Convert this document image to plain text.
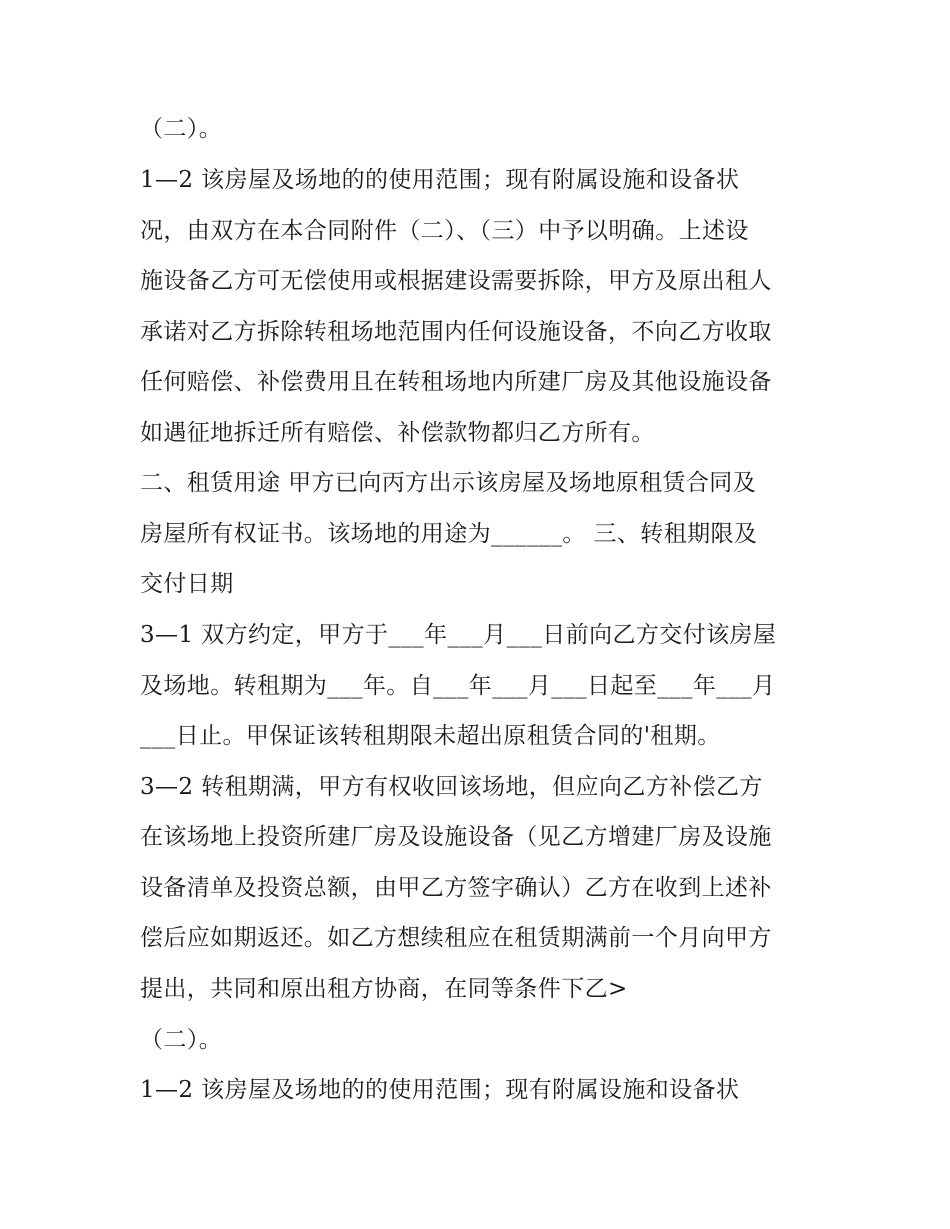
（二）。
1—2 该房屋及场地的的使用范围；现有附属设施和设备状
况，由双方在本合同附件（二）、（三）中予以明确。上述设
施设备乙方可无偿使用或根据建设需要拆除，甲方及原出租人
承诺对乙方拆除转租场地范围内任何设施设备，不向乙方收取
任何赔偿、补偿费用且在转租场地内所建厂房及其他设施设备
如遇征地拆迁所有赔偿、补偿款物都归乙方所有。
二、租赁用途 甲方已向丙方出示该房屋及场地原租赁合同及
房屋所有权证书。该场地的用途为______。 三、转租期限及
交付日期
3—1 双方约定，甲方于___年___月___日前向乙方交付该房屋
及场地。转租期为___年。自___年___月___日起至___年___月
___日止。甲保证该转租期限未超出原租赁合同的'租期。
3—2 转租期满，甲方有权收回该场地，但应向乙方补偿乙方
在该场地上投资所建厂房及设施设备（见乙方增建厂房及设施
设备清单及投资总额，由甲乙方签字确认）乙方在收到上述补
偿后应如期返还。如乙方想续租应在租赁期满前一个月向甲方
提出，共同和原出租方协商，在同等条件下乙>
（二）。
1—2 该房屋及场地的的使用范围；现有附属设施和设备状
